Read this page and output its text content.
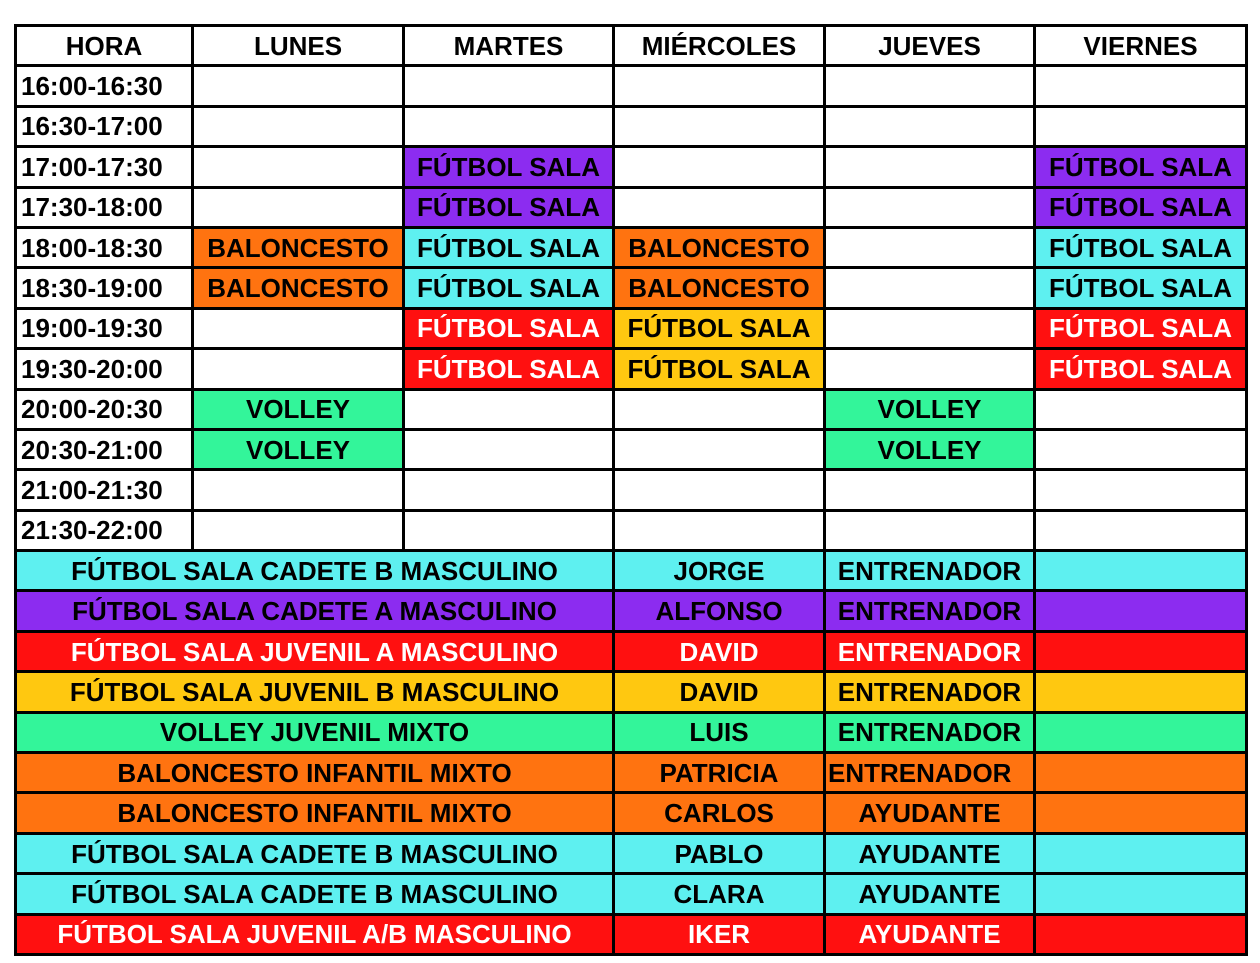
HORA	LUNES	MARTES	MIÉRCOLES	JUEVES	VIERNES
16:00-16:30					
16:30-17:00					
17:00-17:30		FÚTBOL SALA			FÚTBOL SALA
17:30-18:00		FÚTBOL SALA			FÚTBOL SALA
18:00-18:30	BALONCESTO	FÚTBOL SALA	BALONCESTO		FÚTBOL SALA
18:30-19:00	BALONCESTO	FÚTBOL SALA	BALONCESTO		FÚTBOL SALA
19:00-19:30		FÚTBOL SALA	FÚTBOL SALA		FÚTBOL SALA
19:30-20:00		FÚTBOL SALA	FÚTBOL SALA		FÚTBOL SALA
20:00-20:30	VOLLEY			VOLLEY	
20:30-21:00	VOLLEY			VOLLEY	
21:00-21:30					
21:30-22:00					
FÚTBOL SALA CADETE B MASCULINO			JORGE	ENTRENADOR	
FÚTBOL SALA CADETE A MASCULINO			ALFONSO	ENTRENADOR	
FÚTBOL SALA JUVENIL A MASCULINO			DAVID	ENTRENADOR	
FÚTBOL SALA JUVENIL B MASCULINO			DAVID	ENTRENADOR	
VOLLEY JUVENIL MIXTO			LUIS	ENTRENADOR	
BALONCESTO INFANTIL MIXTO			PATRICIA	ENTRENADOR	
BALONCESTO INFANTIL MIXTO			CARLOS	AYUDANTE	
FÚTBOL SALA CADETE B MASCULINO			PABLO	AYUDANTE	
FÚTBOL SALA CADETE B MASCULINO			CLARA	AYUDANTE	
FÚTBOL SALA JUVENIL A/B MASCULINO			IKER	AYUDANTE	
